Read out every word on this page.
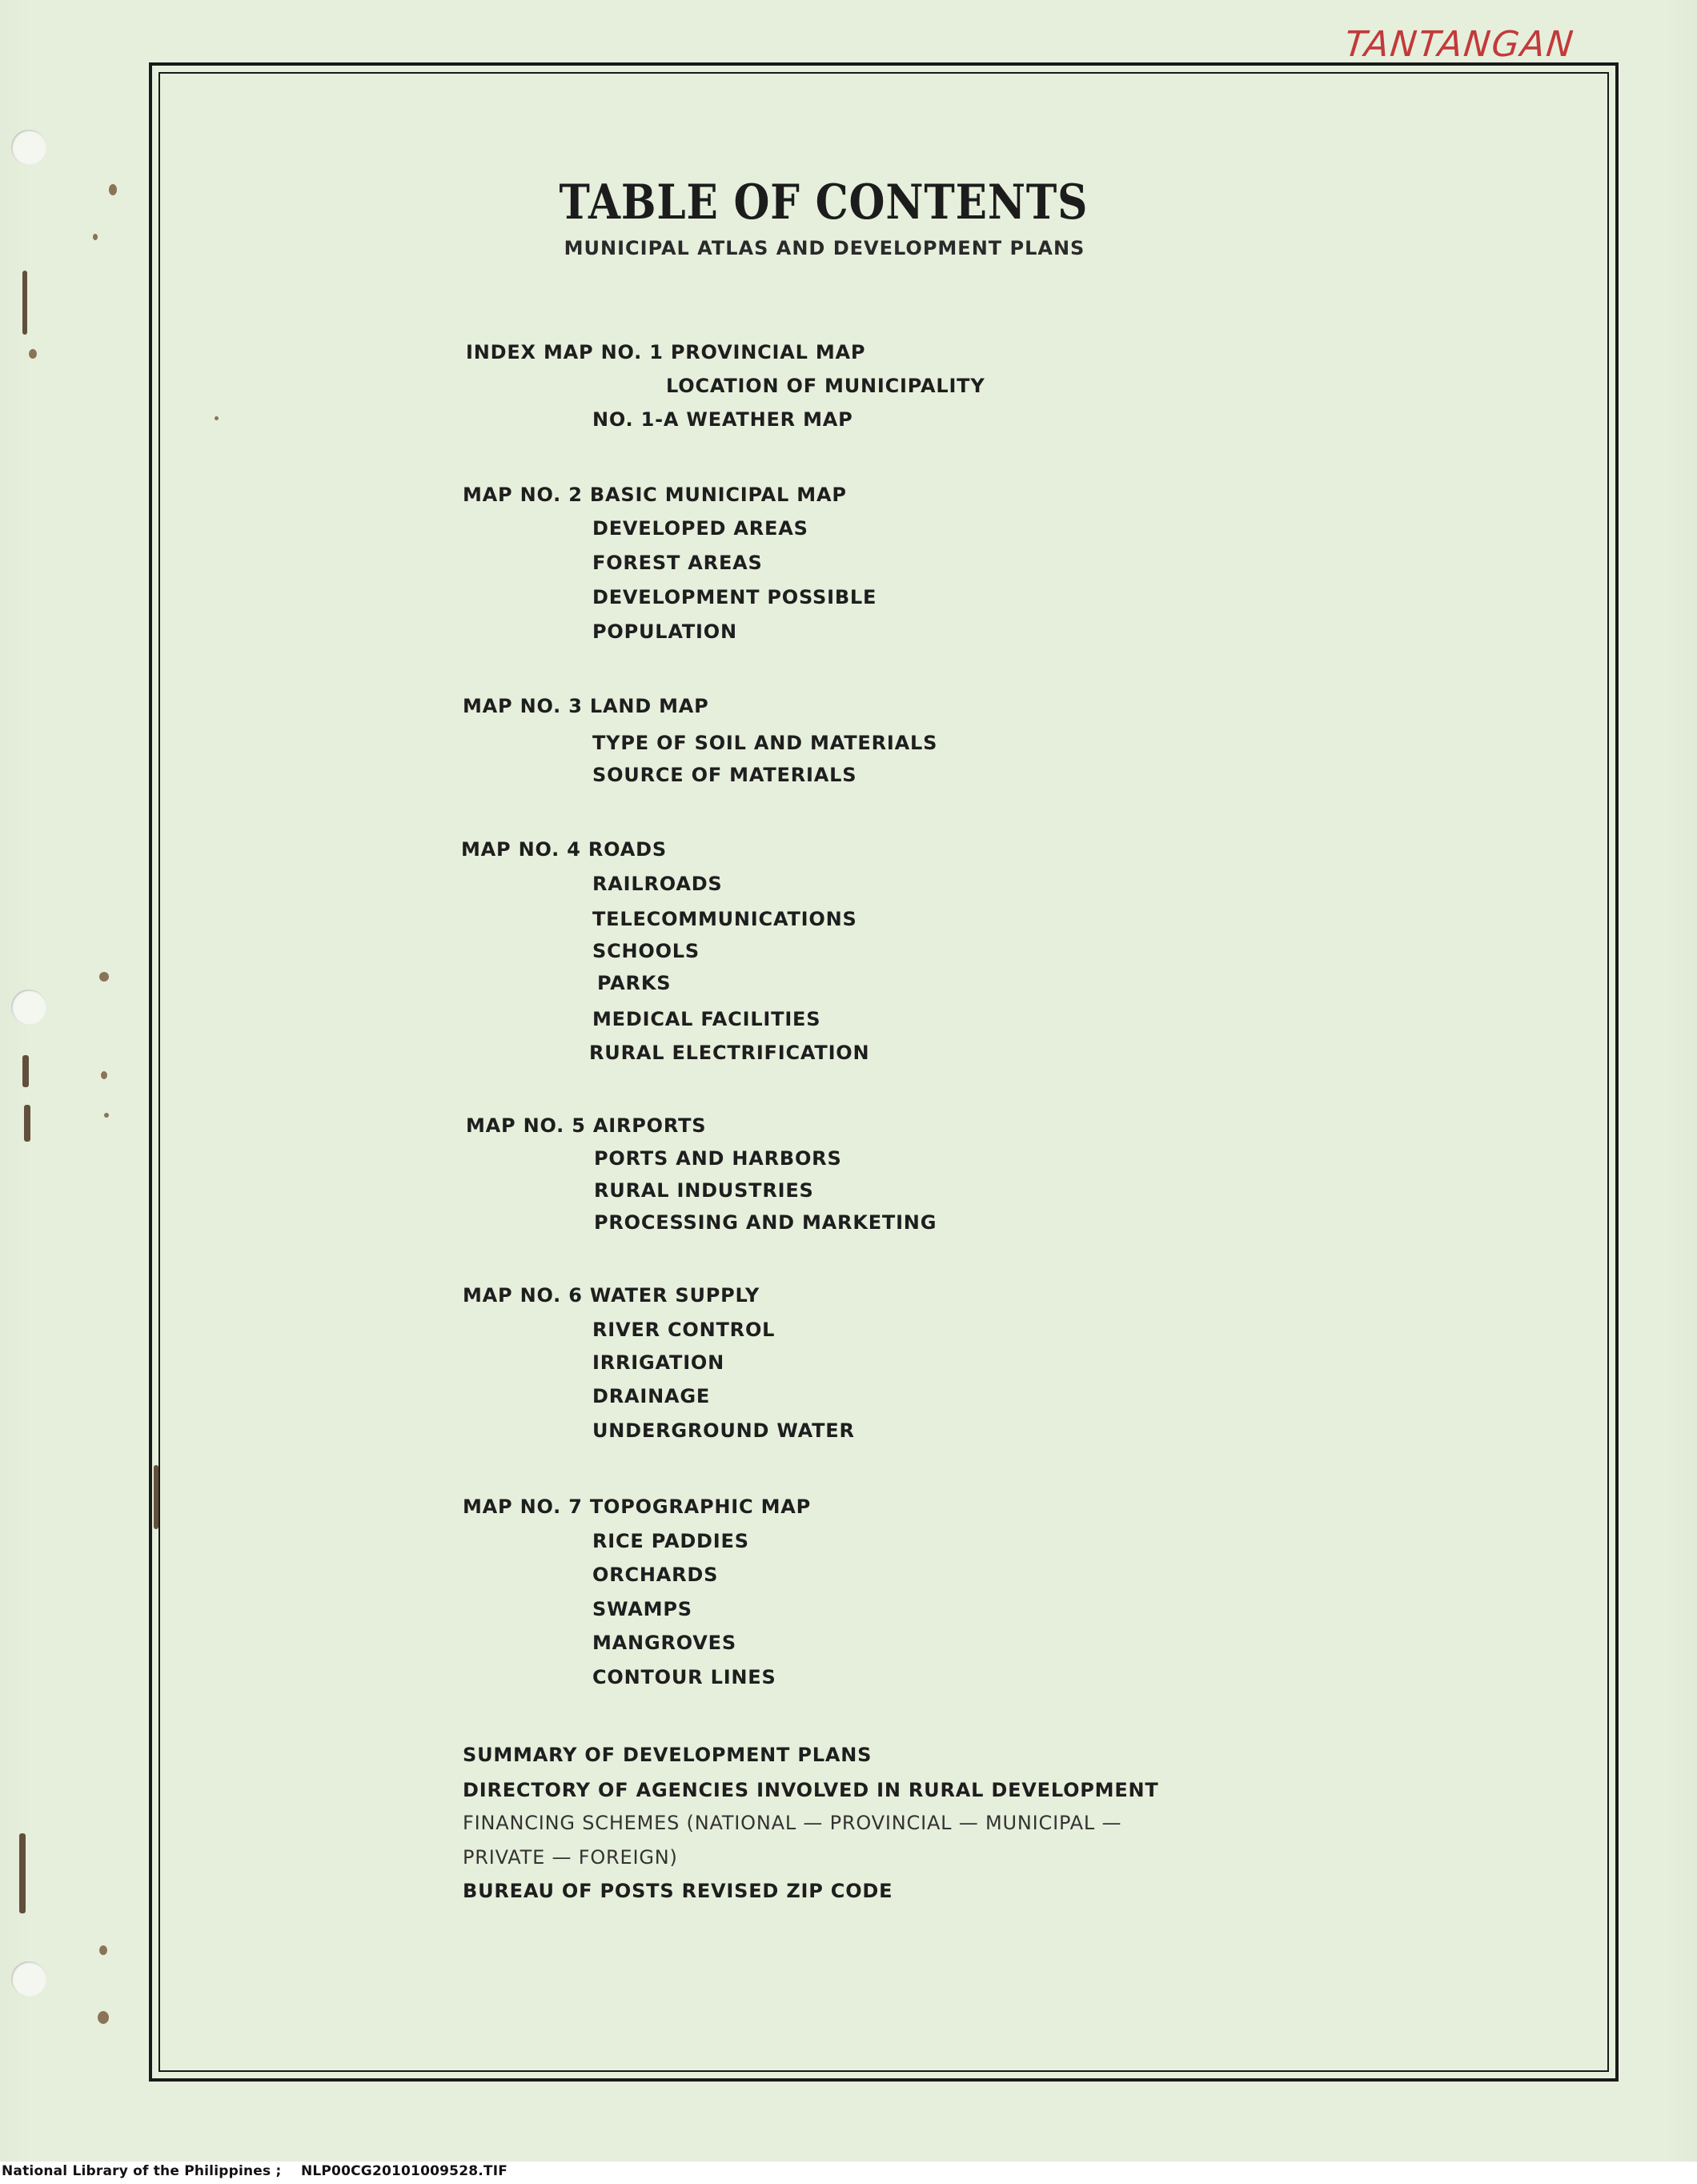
TANTANGAN
TABLE OF CONTENTS
MUNICIPAL ATLAS AND DEVELOPMENT PLANS
INDEX MAP NO. 1 PROVINCIAL MAP
LOCATION OF MUNICIPALITY
NO. 1-A WEATHER MAP
MAP NO. 2 BASIC MUNICIPAL MAP
DEVELOPED AREAS
FOREST AREAS
DEVELOPMENT POSSIBLE
POPULATION
MAP NO. 3 LAND MAP
TYPE OF SOIL AND MATERIALS
SOURCE OF MATERIALS
MAP NO. 4 ROADS
RAILROADS
TELECOMMUNICATIONS
SCHOOLS
PARKS
MEDICAL FACILITIES
RURAL ELECTRIFICATION
MAP NO. 5 AIRPORTS
PORTS AND HARBORS
RURAL INDUSTRIES
PROCESSING AND MARKETING
MAP NO. 6 WATER SUPPLY
RIVER CONTROL
IRRIGATION
DRAINAGE
UNDERGROUND WATER
MAP NO. 7 TOPOGRAPHIC MAP
RICE PADDIES
ORCHARDS
SWAMPS
MANGROVES
CONTOUR LINES
SUMMARY OF DEVELOPMENT PLANS
DIRECTORY OF AGENCIES INVOLVED IN RURAL DEVELOPMENT
FINANCING SCHEMES (NATIONAL — PROVINCIAL — MUNICIPAL —
PRIVATE — FOREIGN)
BUREAU OF POSTS REVISED ZIP CODE
National Library of the Philippines ;    NLP00CG20101009528.TIF
